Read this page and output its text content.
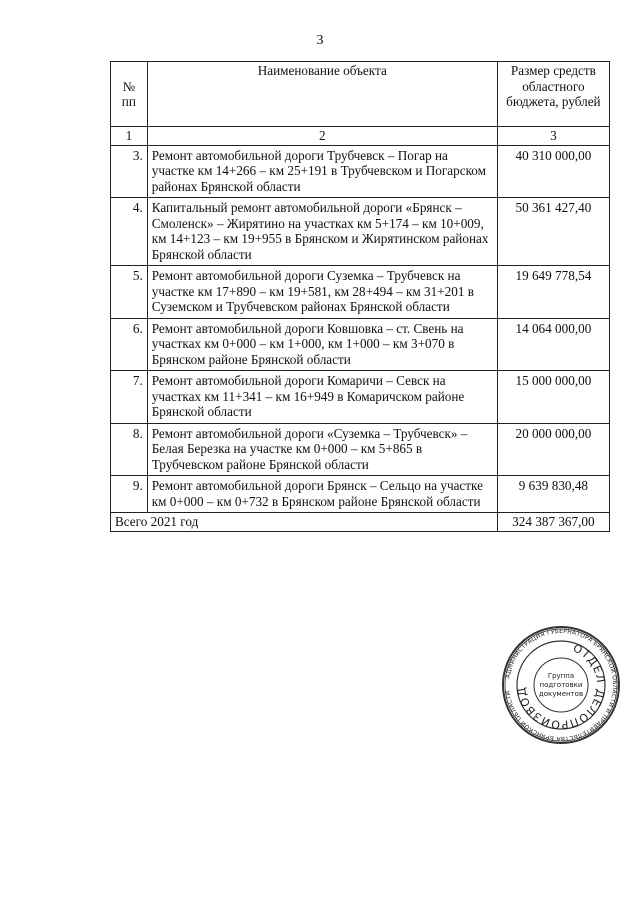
3

№
пп	Наименование объекта	Размер средств областного бюджета, рублей
1	2	3
3.	Ремонт автомобильной дороги Трубчевск – Погар на участке км 14+266 – км 25+191 в Трубчевском и Погарском районах Брянской области	40 310 000,00
4.	Капитальный ремонт автомобильной дороги «Брянск – Смоленск» – Жирятино на участках км 5+174 – км 10+009, км 14+123 – км 19+955 в Брянском и Жирятинском районах Брянской области	50 361 427,40
5.	Ремонт автомобильной дороги Суземка – Трубчевск на участке км 17+890 – км 19+581, км 28+494 – км 31+201 в Суземском и Трубчевском районах Брянской области	19 649 778,54
6.	Ремонт автомобильной дороги Ковшовка – ст. Свень на участках км 0+000 – км 1+000, км 1+000 – км 3+070 в Брянском районе Брянской области	14 064 000,00
7.	Ремонт автомобильной дороги Комаричи – Севск на участках км 11+341 – км 16+949 в Комаричском районе Брянской области	15 000 000,00
8.	Ремонт автомобильной дороги «Суземка – Трубчевск» – Белая Березка на участке км 0+000 – км 5+865 в Трубчевском районе Брянской области	20 000 000,00
9.	Ремонт автомобильной дороги Брянск – Сельцо на участке км 0+000 – км 0+732 в Брянском районе Брянской области	9 639 830,48
Всего 2021 год		324 387 367,00
АДМИНИСТРАЦИЯ ГУБЕРНАТОРА БРЯНСКОЙ ОБЛАСТИ И ПРАВИТЕЛЬСТВА БРЯНСКОЙ ОБЛАСТИ
ОТДЕЛ ДЕЛОПРОИЗВОД
Группа
подготовки
документов
